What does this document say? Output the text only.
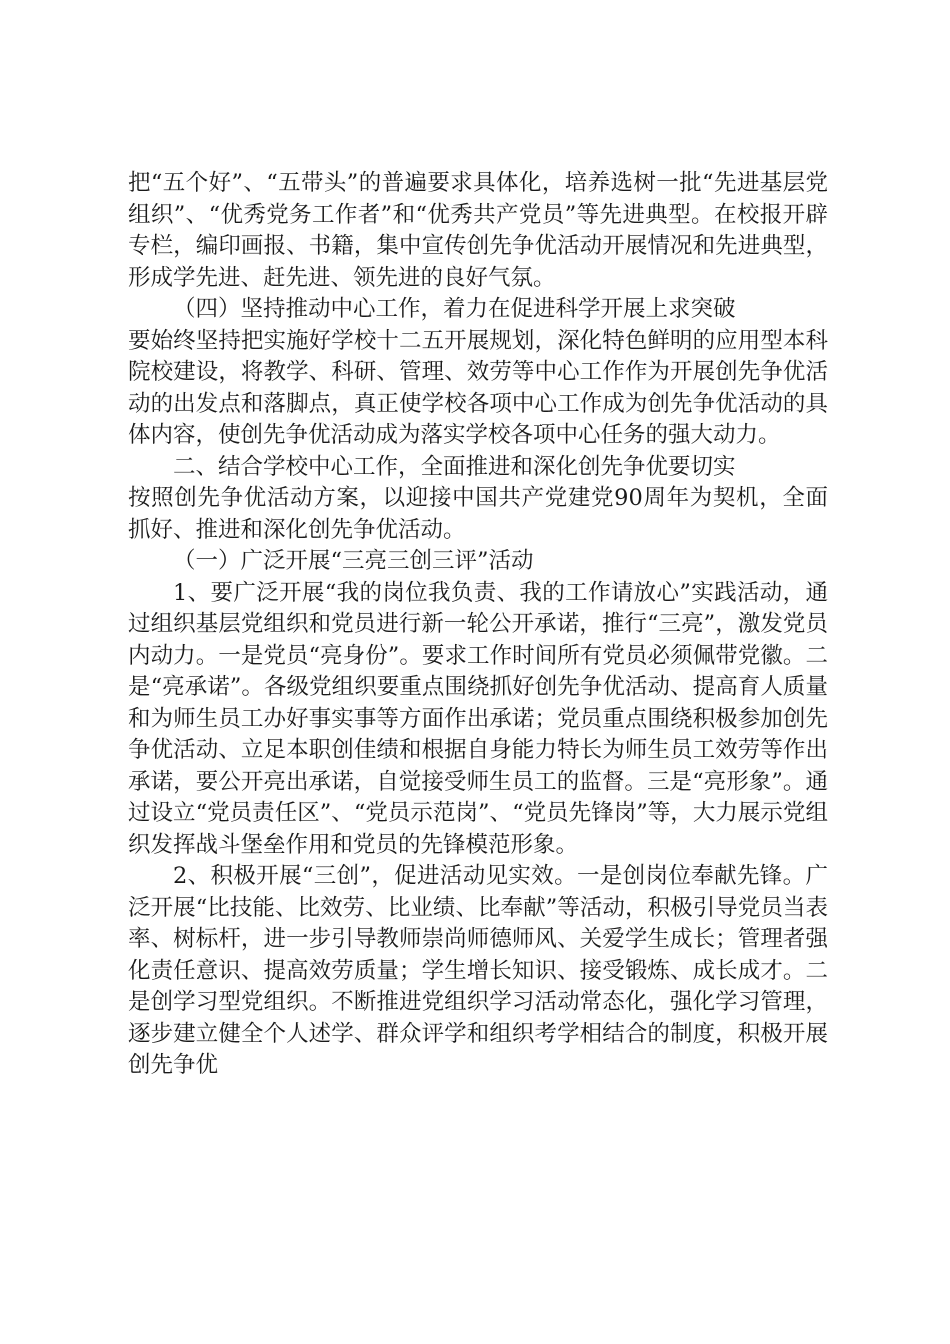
把“五个好”、“五带头”的普遍要求具体化，培养选树一批“先进基层党组织”、“优秀党务工作者”和“优秀共产党员”等先进典型。在校报开辟专栏，编印画报、书籍，集中宣传创先争优活动开展情况和先进典型，形成学先进、赶先进、领先进的良好气氛。

（四）坚持推动中心工作，着力在促进科学开展上求突破

要始终坚持把实施好学校十二五开展规划，深化特色鲜明的应用型本科院校建设，将教学、科研、管理、效劳等中心工作作为开展创先争优活动的出发点和落脚点，真正使学校各项中心工作成为创先争优活动的具体内容，使创先争优活动成为落实学校各项中心任务的强大动力。

二、结合学校中心工作，全面推进和深化创先争优要切实

按照创先争优活动方案，以迎接中国共产党建党90周年为契机，全面抓好、推进和深化创先争优活动。

（一）广泛开展“三亮三创三评”活动

1、要广泛开展“我的岗位我负责、我的工作请放心”实践活动，通过组织基层党组织和党员进行新一轮公开承诺，推行“三亮”，激发党员内动力。一是党员“亮身份”。要求工作时间所有党员必须佩带党徽。二是“亮承诺”。各级党组织要重点围绕抓好创先争优活动、提高育人质量和为师生员工办好事实事等方面作出承诺；党员重点围绕积极参加创先争优活动、立足本职创佳绩和根据自身能力特长为师生员工效劳等作出承诺，要公开亮出承诺，自觉接受师生员工的监督。三是“亮形象”。通过设立“党员责任区”、“党员示范岗”、“党员先锋岗”等，大力展示党组织发挥战斗堡垒作用和党员的先锋模范形象。

2、积极开展“三创”，促进活动见实效。一是创岗位奉献先锋。广泛开展“比技能、比效劳、比业绩、比奉献”等活动，积极引导党员当表率、树标杆，进一步引导教师崇尚师德师风、关爱学生成长；管理者强化责任意识、提高效劳质量；学生增长知识、接受锻炼、成长成才。二是创学习型党组织。不断推进党组织学习活动常态化，强化学习管理，逐步建立健全个人述学、群众评学和组织考学相结合的制度，积极开展创先争优
